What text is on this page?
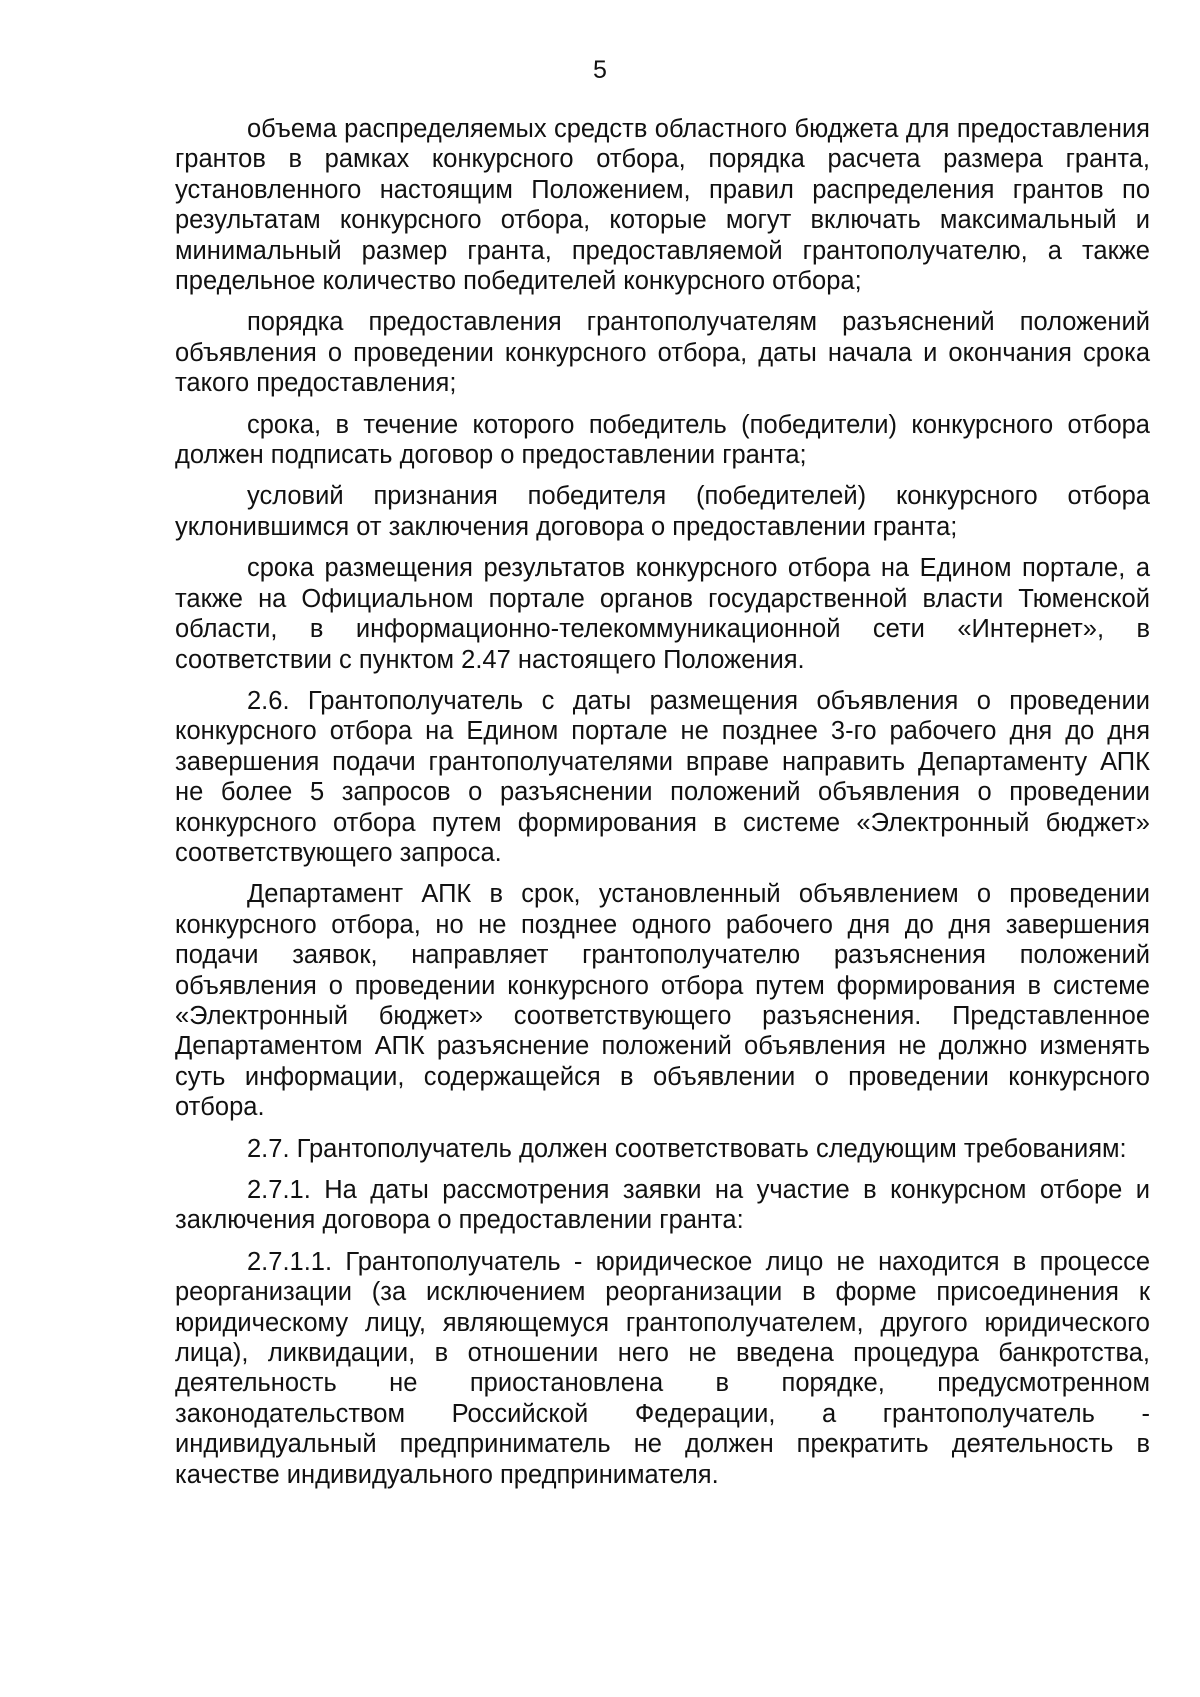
5

объема распределяемых средств областного бюджета для предоставления грантов в рамках конкурсного отбора, порядка расчета размера гранта, установленного настоящим Положением, правил распределения грантов по результатам конкурсного отбора, которые могут включать максимальный и минимальный размер гранта, предоставляемой грантополучателю, а также предельное количество победителей конкурсного отбора;

порядка предоставления грантополучателям разъяснений положений объявления о проведении конкурсного отбора, даты начала и окончания срока такого предоставления;

срока, в течение которого победитель (победители) конкурсного отбора должен подписать договор о предоставлении гранта;

условий признания победителя (победителей) конкурсного отбора уклонившимся от заключения договора о предоставлении гранта;

срока размещения результатов конкурсного отбора на Едином портале, а также на Официальном портале органов государственной власти Тюменской области, в информационно-телекоммуникационной сети «Интернет», в соответствии с пунктом 2.47 настоящего Положения.

2.6. Грантополучатель с даты размещения объявления о проведении конкурсного отбора на Едином портале не позднее 3-го рабочего дня до дня завершения подачи грантополучателями вправе направить Департаменту АПК не более 5 запросов о разъяснении положений объявления о проведении конкурсного отбора путем формирования в системе «Электронный бюджет» соответствующего запроса.

Департамент АПК в срок, установленный объявлением о проведении конкурсного отбора, но не позднее одного рабочего дня до дня завершения подачи заявок, направляет грантополучателю разъяснения положений объявления о проведении конкурсного отбора путем формирования в системе «Электронный бюджет» соответствующего разъяснения. Представленное Департаментом АПК разъяснение положений объявления не должно изменять суть информации, содержащейся в объявлении о проведении конкурсного отбора.

2.7. Грантополучатель должен соответствовать следующим требованиям:

2.7.1. На даты рассмотрения заявки на участие в конкурсном отборе и заключения договора о предоставлении гранта:

2.7.1.1. Грантополучатель - юридическое лицо не находится в процессе реорганизации (за исключением реорганизации в форме присоединения к юридическому лицу, являющемуся грантополучателем, другого юридического лица), ликвидации, в отношении него не введена процедура банкротства, деятельность не приостановлена в порядке, предусмотренном законодательством Российской Федерации, а грантополучатель - индивидуальный предприниматель не должен прекратить деятельность в качестве индивидуального предпринимателя.
